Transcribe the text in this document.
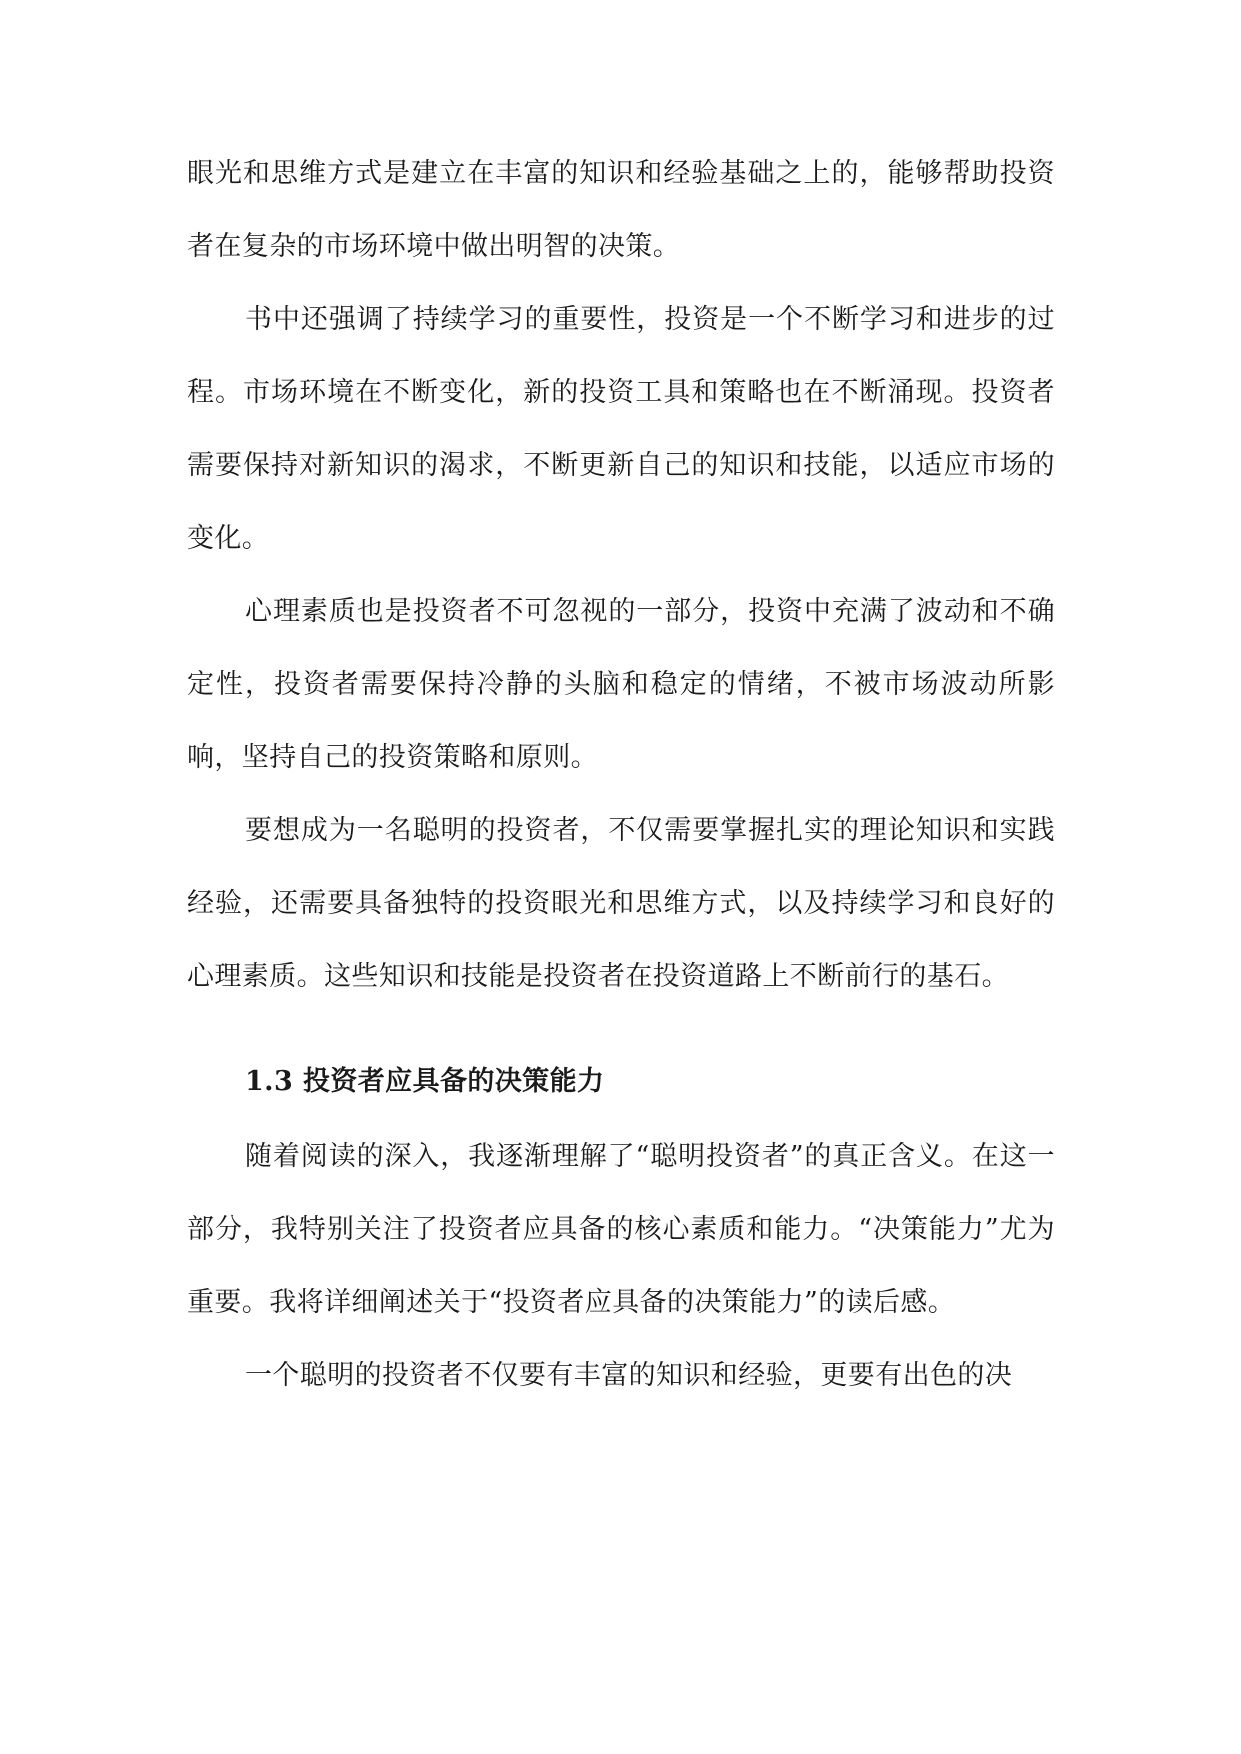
眼光和思维方式是建立在丰富的知识和经验基础之上的，能够帮助投资者在复杂的市场环境中做出明智的决策。

书中还强调了持续学习的重要性，投资是一个不断学习和进步的过程。市场环境在不断变化，新的投资工具和策略也在不断涌现。投资者需要保持对新知识的渴求，不断更新自己的知识和技能，以适应市场的变化。

心理素质也是投资者不可忽视的一部分，投资中充满了波动和不确定性，投资者需要保持冷静的头脑和稳定的情绪，不被市场波动所影响，坚持自己的投资策略和原则。

要想成为一名聪明的投资者，不仅需要掌握扎实的理论知识和实践经验，还需要具备独特的投资眼光和思维方式，以及持续学习和良好的心理素质。这些知识和技能是投资者在投资道路上不断前行的基石。

1.3 投资者应具备的决策能力

随着阅读的深入，我逐渐理解了“聪明投资者”的真正含义。在这一部分，我特别关注了投资者应具备的核心素质和能力。“决策能力”尤为重要。我将详细阐述关于“投资者应具备的决策能力”的读后感。

一个聪明的投资者不仅要有丰富的知识和经验，更要有出色的决
